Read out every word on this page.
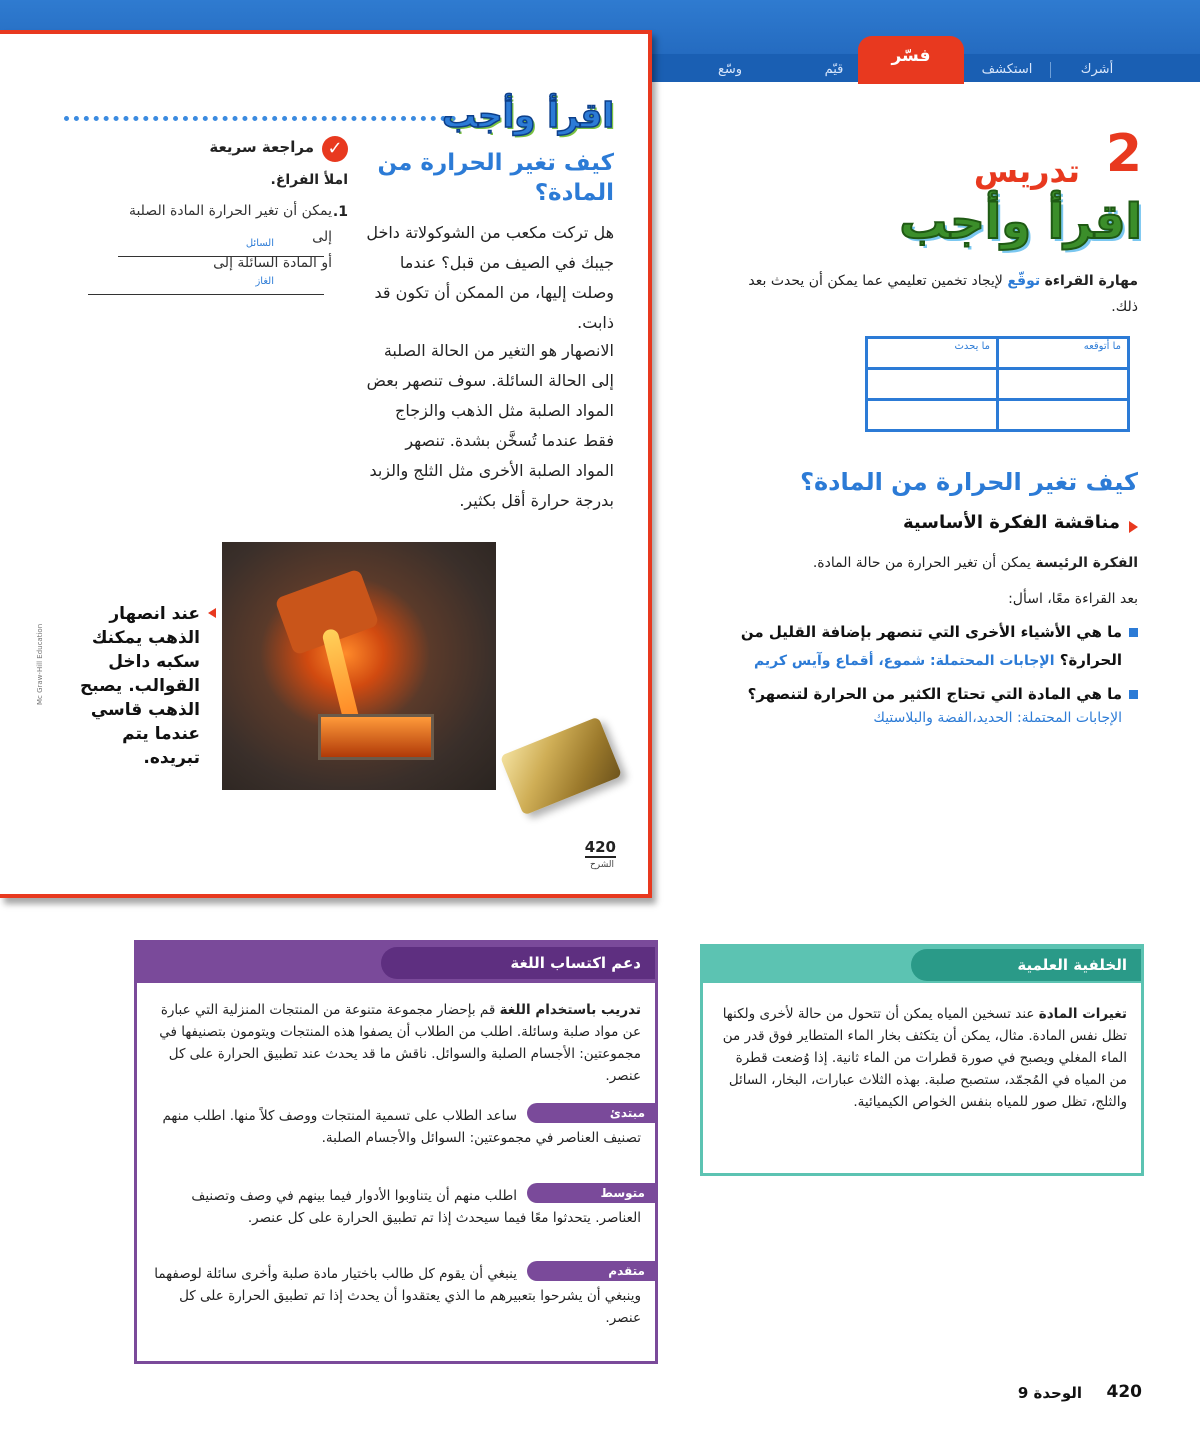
أشرك
استكشف
فسّر
قيّم
وسّع
اقرأ وأجب
كيف تغير الحرارة من المادة؟
هل تركت مكعب من الشوكولاتة داخل جيبك في الصيف من قبل؟ عندما وصلت إليها، من الممكن أن تكون قد ذابت.
الانصهار هو التغير من الحالة الصلبة إلى الحالة السائلة. سوف تنصهر بعض المواد الصلبة مثل الذهب والزجاج فقط عندما تُسخَّن بشدة. تنصهر المواد الصلبة الأخرى مثل الثلج والزبد بدرجة حرارة أقل بكثير.
✓
مراجعة سريعة
املأ الفراغ.
1.
يمكن أن تغير الحرارة المادة الصلبة إلى
السائل
أو المادة السائلة إلى
الغاز
عند انصهار الذهب يمكنك سكبه داخل القوالب. يصبح الذهب قاسي عندما يتم تبريده.
Mc Graw-Hill Education
420
الشرح
2
تدريس
اقرأ وأجب
مهارة القراءة توقّع لإيجاد تخمين تعليمي عما يمكن أن يحدث بعد ذلك.
ما أتوقعه	ما يحدث

كيف تغير الحرارة من المادة؟
مناقشة الفكرة الأساسية
الفكرة الرئيسة يمكن أن تغير الحرارة من حالة المادة.
بعد القراءة معًا، اسأل:
ما هي الأشياء الأخرى التي تنصهر بإضافة القليل من الحرارة؟ الإجابات المحتملة: شموع، أقماع وآيس كريم
ما هي المادة التي تحتاج الكثير من الحرارة لتنصهر؟
الإجابات المحتملة: الحديد،الفضة والبلاستيك
الخلفية العلمية
تغيرات المادة عند تسخين المياه يمكن أن تتحول من حالة لأخرى ولكنها تظل نفس المادة. مثال، يمكن أن يتكثف بخار الماء المتطاير فوق قدر من الماء المغلي ويصبح في صورة قطرات من الماء ثانية. إذا وُضعت قطرة من المياه في المُجمّد، ستصبح صلبة. بهذه الثلاث عبارات، البخار، السائل والثلج، تظل صور للمياه بنفس الخواص الكيميائية.
دعم اكتساب اللغة
تدريب باستخدام اللغة قم بإحضار مجموعة متنوعة من المنتجات المنزلية التي عبارة عن مواد صلبة وسائلة. اطلب من الطلاب أن يصفوا هذه المنتجات ويتومون بتصنيفها في مجموعتين: الأجسام الصلبة والسوائل. ناقش ما قد يحدث عند تطبيق الحرارة على كل عنصر.
مبتدئ
ساعد الطلاب على تسمية المنتجات ووصف كلاً منها. اطلب منهم تصنيف العناصر في مجموعتين: السوائل والأجسام الصلبة.
متوسط
اطلب منهم أن يتناوبوا الأدوار فيما بينهم في وصف وتصنيف العناصر. يتحدثوا معًا فيما سيحدث إذا تم تطبيق الحرارة على كل عنصر.
متقدم
ينبغي أن يقوم كل طالب باختيار مادة صلبة وأخرى سائلة لوصفهما وينبغي أن يشرحوا بتعبيرهم ما الذي يعتقدوا أن يحدث إذا تم تطبيق الحرارة على كل عنصر.
420
الوحدة 9
